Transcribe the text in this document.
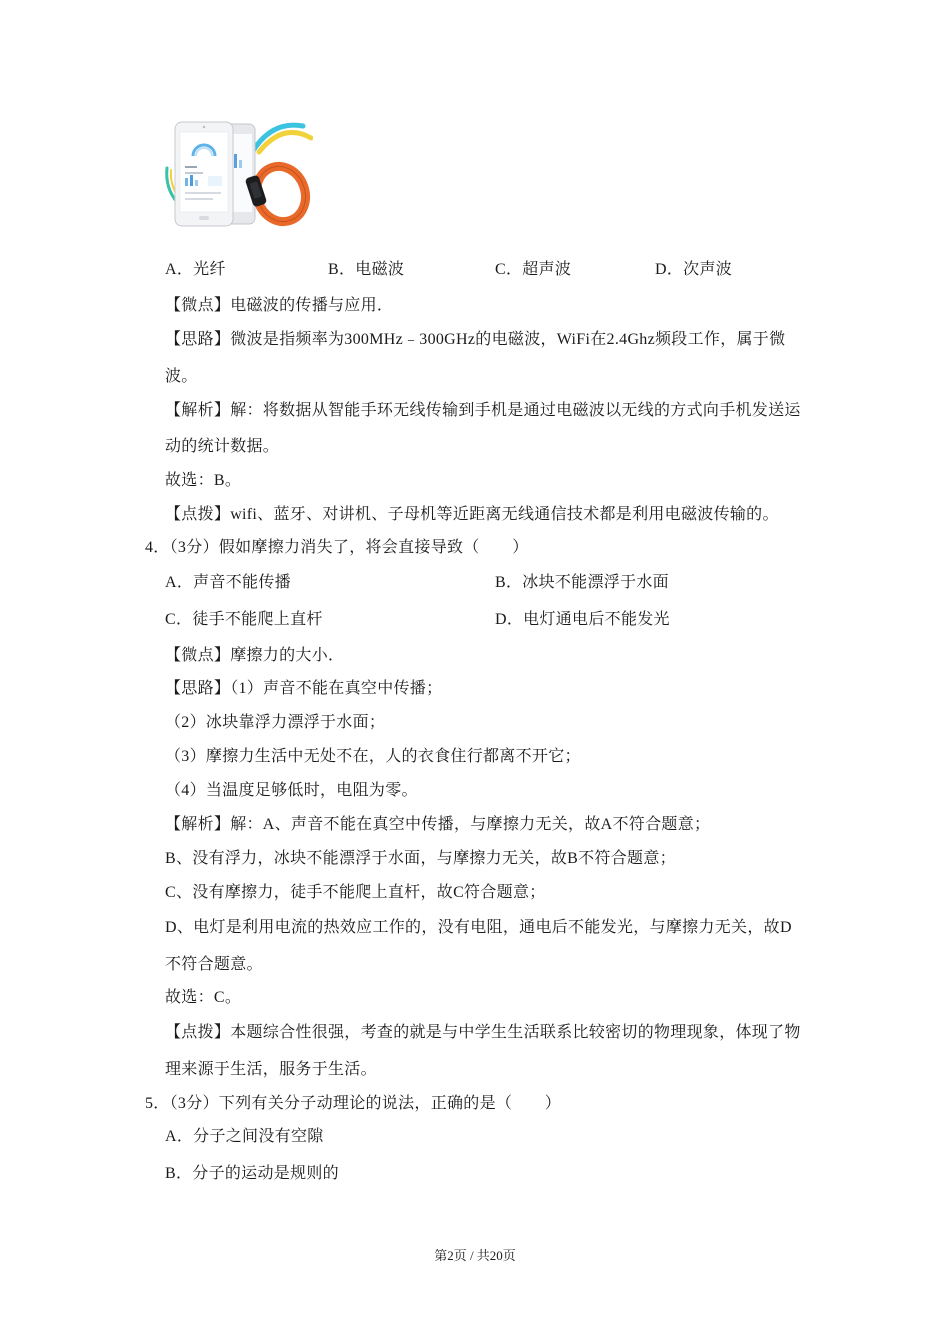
A．光纤	B．电磁波	C．超声波	D．次声波
【微点】电磁波的传播与应用．
【思路】微波是指频率为300MHz﹣300GHz的电磁波，WiFi在2.4Ghz频段工作，属于微
波。
【解析】解：将数据从智能手环无线传输到手机是通过电磁波以无线的方式向手机发送运
动的统计数据。
故选：B。
【点拨】wifi、蓝牙、对讲机、子母机等近距离无线通信技术都是利用电磁波传输的。
4．（3分）假如摩擦力消失了，将会直接导致（　　）
A．声音不能传播	B．冰块不能漂浮于水面
C．徒手不能爬上直杆	D．电灯通电后不能发光
【微点】摩擦力的大小．
【思路】（1）声音不能在真空中传播；
（2）冰块靠浮力漂浮于水面；
（3）摩擦力生活中无处不在，人的衣食住行都离不开它；
（4）当温度足够低时，电阻为零。
【解析】解：A、声音不能在真空中传播，与摩擦力无关，故A不符合题意；
B、没有浮力，冰块不能漂浮于水面，与摩擦力无关，故B不符合题意；
C、没有摩擦力，徒手不能爬上直杆，故C符合题意；
D、电灯是利用电流的热效应工作的，没有电阻，通电后不能发光，与摩擦力无关，故D
不符合题意。
故选：C。
【点拨】本题综合性很强，考查的就是与中学生生活联系比较密切的物理现象，体现了物
理来源于生活，服务于生活。
5．（3分）下列有关分子动理论的说法，正确的是（　　）
A．分子之间没有空隙
B．分子的运动是规则的
第2页 / 共20页
